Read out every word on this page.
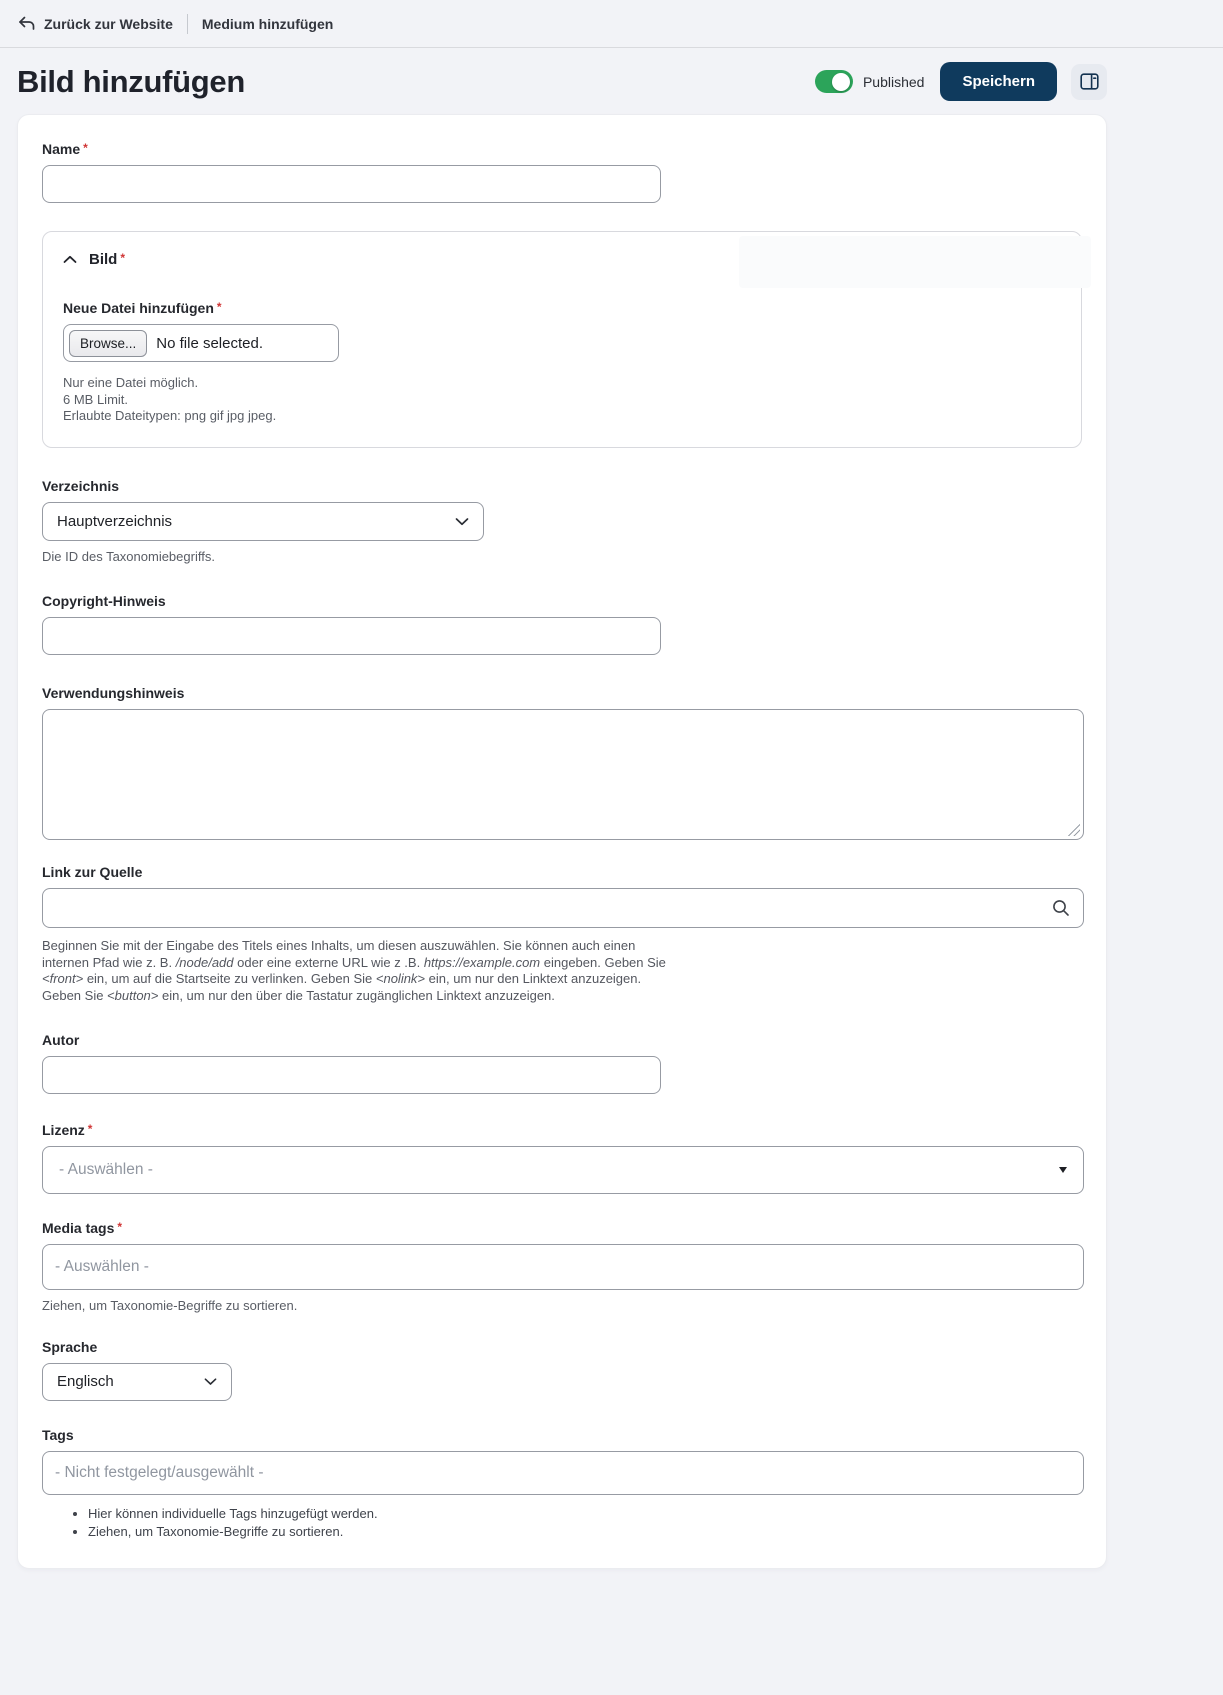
Zurück zur Website Medium hinzufügen
Bild hinzufügen	Published	Speichern
Name *
Bild *
Neue Datei hinzufügen *
Browse...	No file selected.
Nur eine Datei möglich.
6 MB Limit.
Erlaubte Dateitypen: png gif jpg jpeg.
Verzeichnis
Hauptverzeichnis
Die ID des Taxonomiebegriffs.
Copyright-Hinweis
Verwendungshinweis
Link zur Quelle
Beginnen Sie mit der Eingabe des Titels eines Inhalts, um diesen auszuwählen. Sie können auch einen internen Pfad wie z. B. /node/add oder eine externe URL wie z .B. https://example.com eingeben. Geben Sie <front> ein, um auf die Startseite zu verlinken. Geben Sie <nolink> ein, um nur den Linktext anzuzeigen. Geben Sie <button> ein, um nur den über die Tastatur zugänglichen Linktext anzuzeigen.
Autor
Lizenz *
- Auswählen -
Media tags *
- Auswählen -
Ziehen, um Taxonomie-Begriffe zu sortieren.
Sprache
Englisch
Tags
- Nicht festgelegt/ausgewählt -
• Hier können individuelle Tags hinzugefügt werden.
• Ziehen, um Taxonomie-Begriffe zu sortieren.
